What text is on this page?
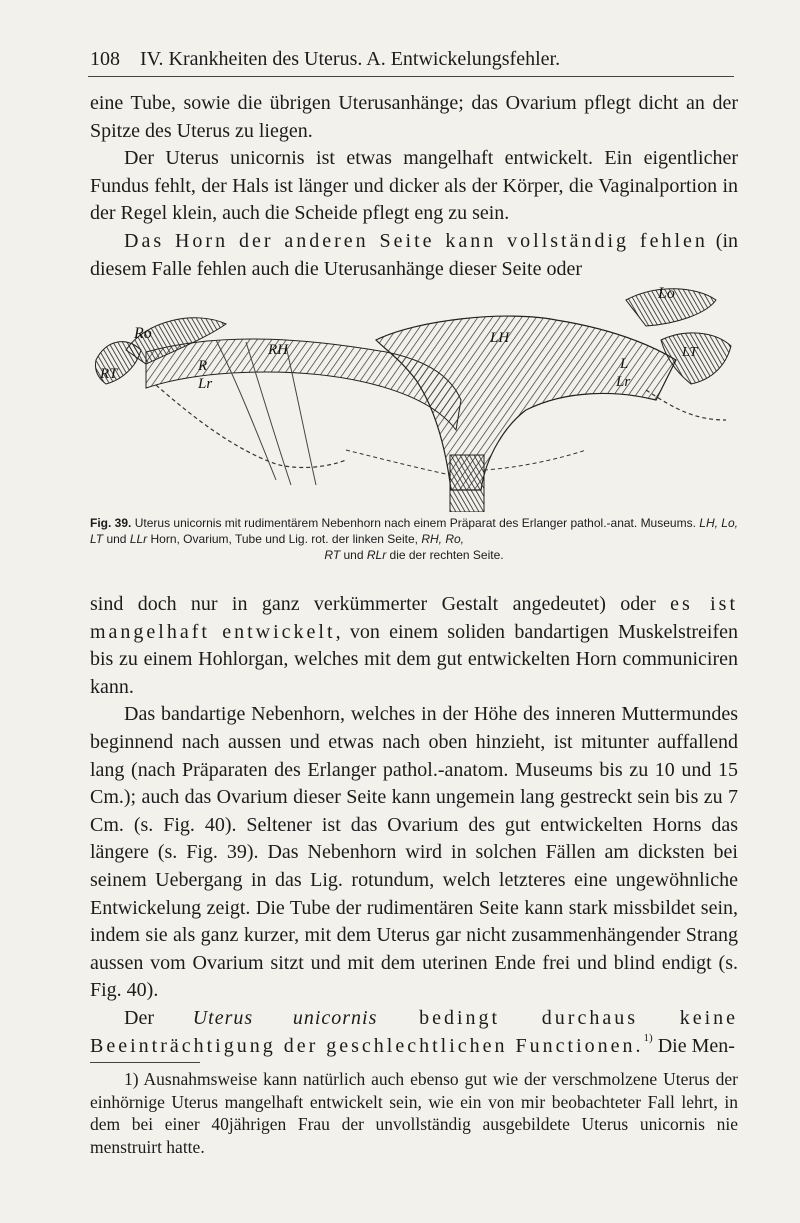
108 IV. Krankheiten des Uterus. A. Entwickelungsfehler.

eine Tube, sowie die übrigen Uterusanhänge; das Ovarium pflegt dicht an der Spitze des Uterus zu liegen.

Der Uterus unicornis ist etwas mangelhaft entwickelt. Ein eigentlicher Fundus fehlt, der Hals ist länger und dicker als der Körper, die Vaginalportion in der Regel klein, auch die Scheide pflegt eng zu sein.

Das Horn der anderen Seite kann vollständig fehlen (in diesem Falle fehlen auch die Uterusanhänge dieser Seite oder

Lo
Ro
RT
RH
LH
LT
R
Lr
L
Lr
Fig. 39. Uterus unicornis mit rudimentärem Nebenhorn nach einem Präparat des Erlanger pathol.-anat. Museums. LH, Lo, LT und LLr Horn, Ovarium, Tube und Lig. rot. der linken Seite, RH, Ro,
RT und RLr die der rechten Seite.

sind doch nur in ganz verkümmerter Gestalt angedeutet) oder es ist mangelhaft entwickelt, von einem soliden bandartigen Muskelstreifen bis zu einem Hohlorgan, welches mit dem gut entwickelten Horn communiciren kann.

Das bandartige Nebenhorn, welches in der Höhe des inneren Muttermundes beginnend nach aussen und etwas nach oben hinzieht, ist mitunter auffallend lang (nach Präparaten des Erlanger pathol.-anatom. Museums bis zu 10 und 15 Cm.); auch das Ovarium dieser Seite kann ungemein lang gestreckt sein bis zu 7 Cm. (s. Fig. 40). Seltener ist das Ovarium des gut entwickelten Horns das längere (s. Fig. 39). Das Nebenhorn wird in solchen Fällen am dicksten bei seinem Uebergang in das Lig. rotundum, welch letzteres eine ungewöhnliche Entwickelung zeigt. Die Tube der rudimentären Seite kann stark missbildet sein, indem sie als ganz kurzer, mit dem Uterus gar nicht zusammenhängender Strang aussen vom Ovarium sitzt und mit dem uterinen Ende frei und blind endigt (s. Fig. 40).

Der Uterus unicornis bedingt durchaus keine Beeinträchtigung der geschlechtlichen Functionen.$^{1)}$ Die Men-

1) Ausnahmsweise kann natürlich auch ebenso gut wie der verschmolzene Uterus der einhörnige Uterus mangelhaft entwickelt sein, wie ein von mir beobachteter Fall lehrt, in dem bei einer 40jährigen Frau der unvollständig ausgebildete Uterus unicornis nie menstruirt hatte.
